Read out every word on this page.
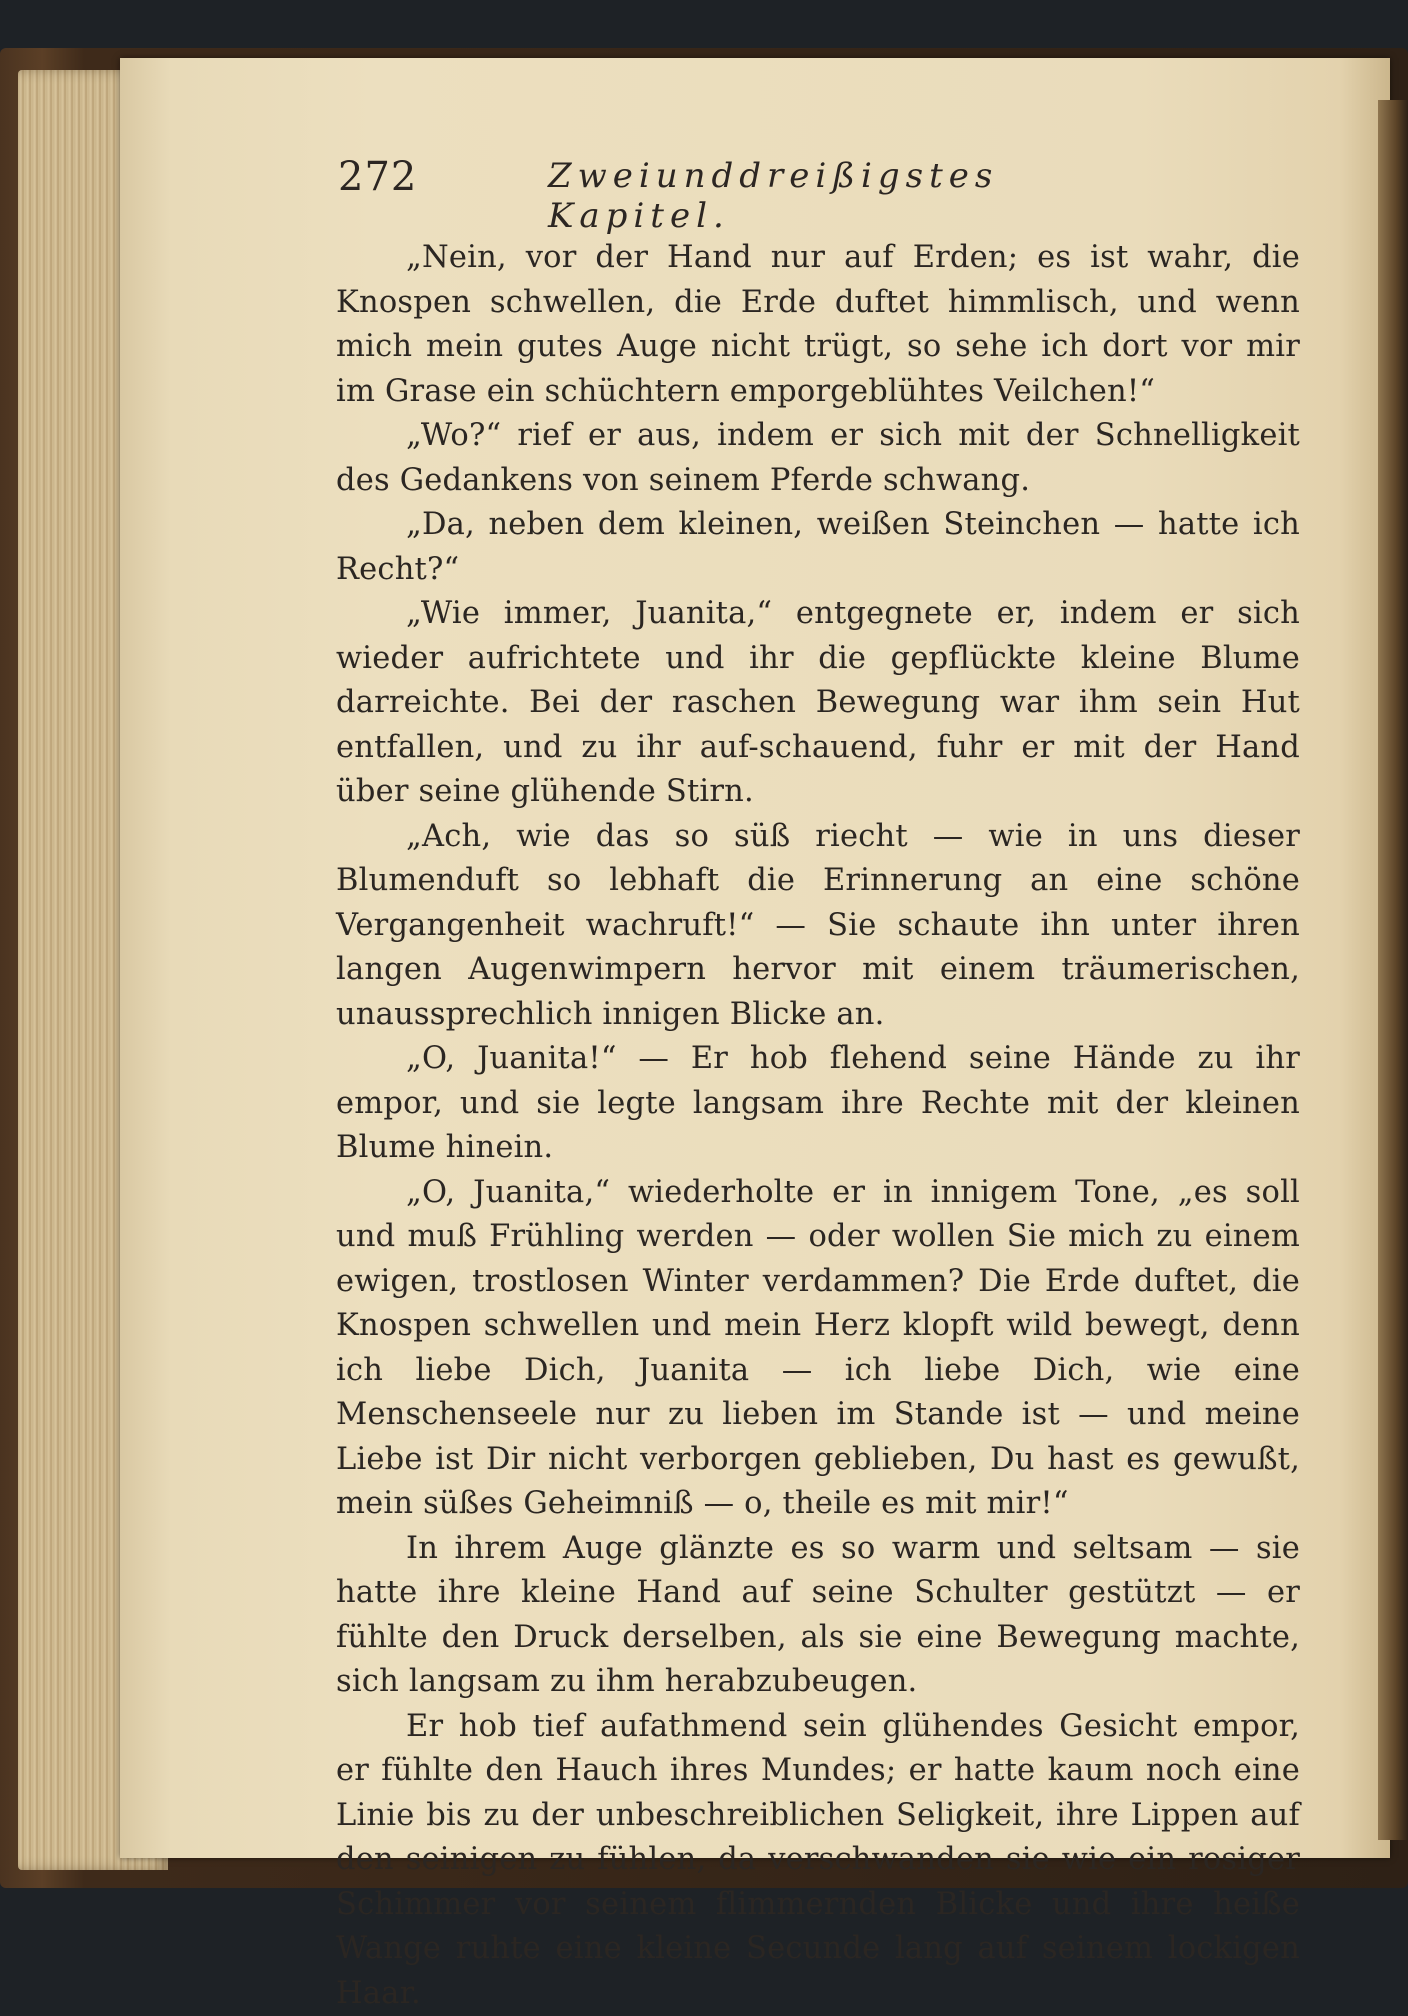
272	Zweiunddreißigstes Kapitel.

„Nein, vor der Hand nur auf Erden; es ist wahr, die Knospen schwellen, die Erde duftet himmlisch, und wenn mich mein gutes Auge nicht trügt, so sehe ich dort vor mir im Grase ein schüchtern emporgeblühtes Veilchen!“

„Wo?“ rief er aus, indem er sich mit der Schnelligkeit des Gedankens von seinem Pferde schwang.

„Da, neben dem kleinen, weißen Steinchen — hatte ich Recht?“

„Wie immer, Juanita,“ entgegnete er, indem er sich wieder aufrichtete und ihr die gepflückte kleine Blume darreichte. Bei der raschen Bewegung war ihm sein Hut entfallen, und zu ihr auf-schauend, fuhr er mit der Hand über seine glühende Stirn.

„Ach, wie das so süß riecht — wie in uns dieser Blumenduft so lebhaft die Erinnerung an eine schöne Vergangenheit wachruft!“ — Sie schaute ihn unter ihren langen Augenwimpern hervor mit einem träumerischen, unaussprechlich innigen Blicke an.

„O, Juanita!“ — Er hob flehend seine Hände zu ihr empor, und sie legte langsam ihre Rechte mit der kleinen Blume hinein.

„O, Juanita,“ wiederholte er in innigem Tone, „es soll und muß Frühling werden — oder wollen Sie mich zu einem ewigen, trostlosen Winter verdammen? Die Erde duftet, die Knospen schwellen und mein Herz klopft wild bewegt, denn ich liebe Dich, Juanita — ich liebe Dich, wie eine Menschenseele nur zu lieben im Stande ist — und meine Liebe ist Dir nicht verborgen geblieben, Du hast es gewußt, mein süßes Geheimniß — o, theile es mit mir!“

In ihrem Auge glänzte es so warm und seltsam — sie hatte ihre kleine Hand auf seine Schulter gestützt — er fühlte den Druck derselben, als sie eine Bewegung machte, sich langsam zu ihm herabzubeugen.

Er hob tief aufathmend sein glühendes Gesicht empor, er fühlte den Hauch ihres Mundes; er hatte kaum noch eine Linie bis zu der unbeschreiblichen Seligkeit, ihre Lippen auf den seinigen zu fühlen, da verschwanden sie wie ein rosiger Schimmer vor seinem flimmernden Blicke und ihre heiße Wange ruhte eine kleine Secunde lang auf seinem lockigen Haar.
